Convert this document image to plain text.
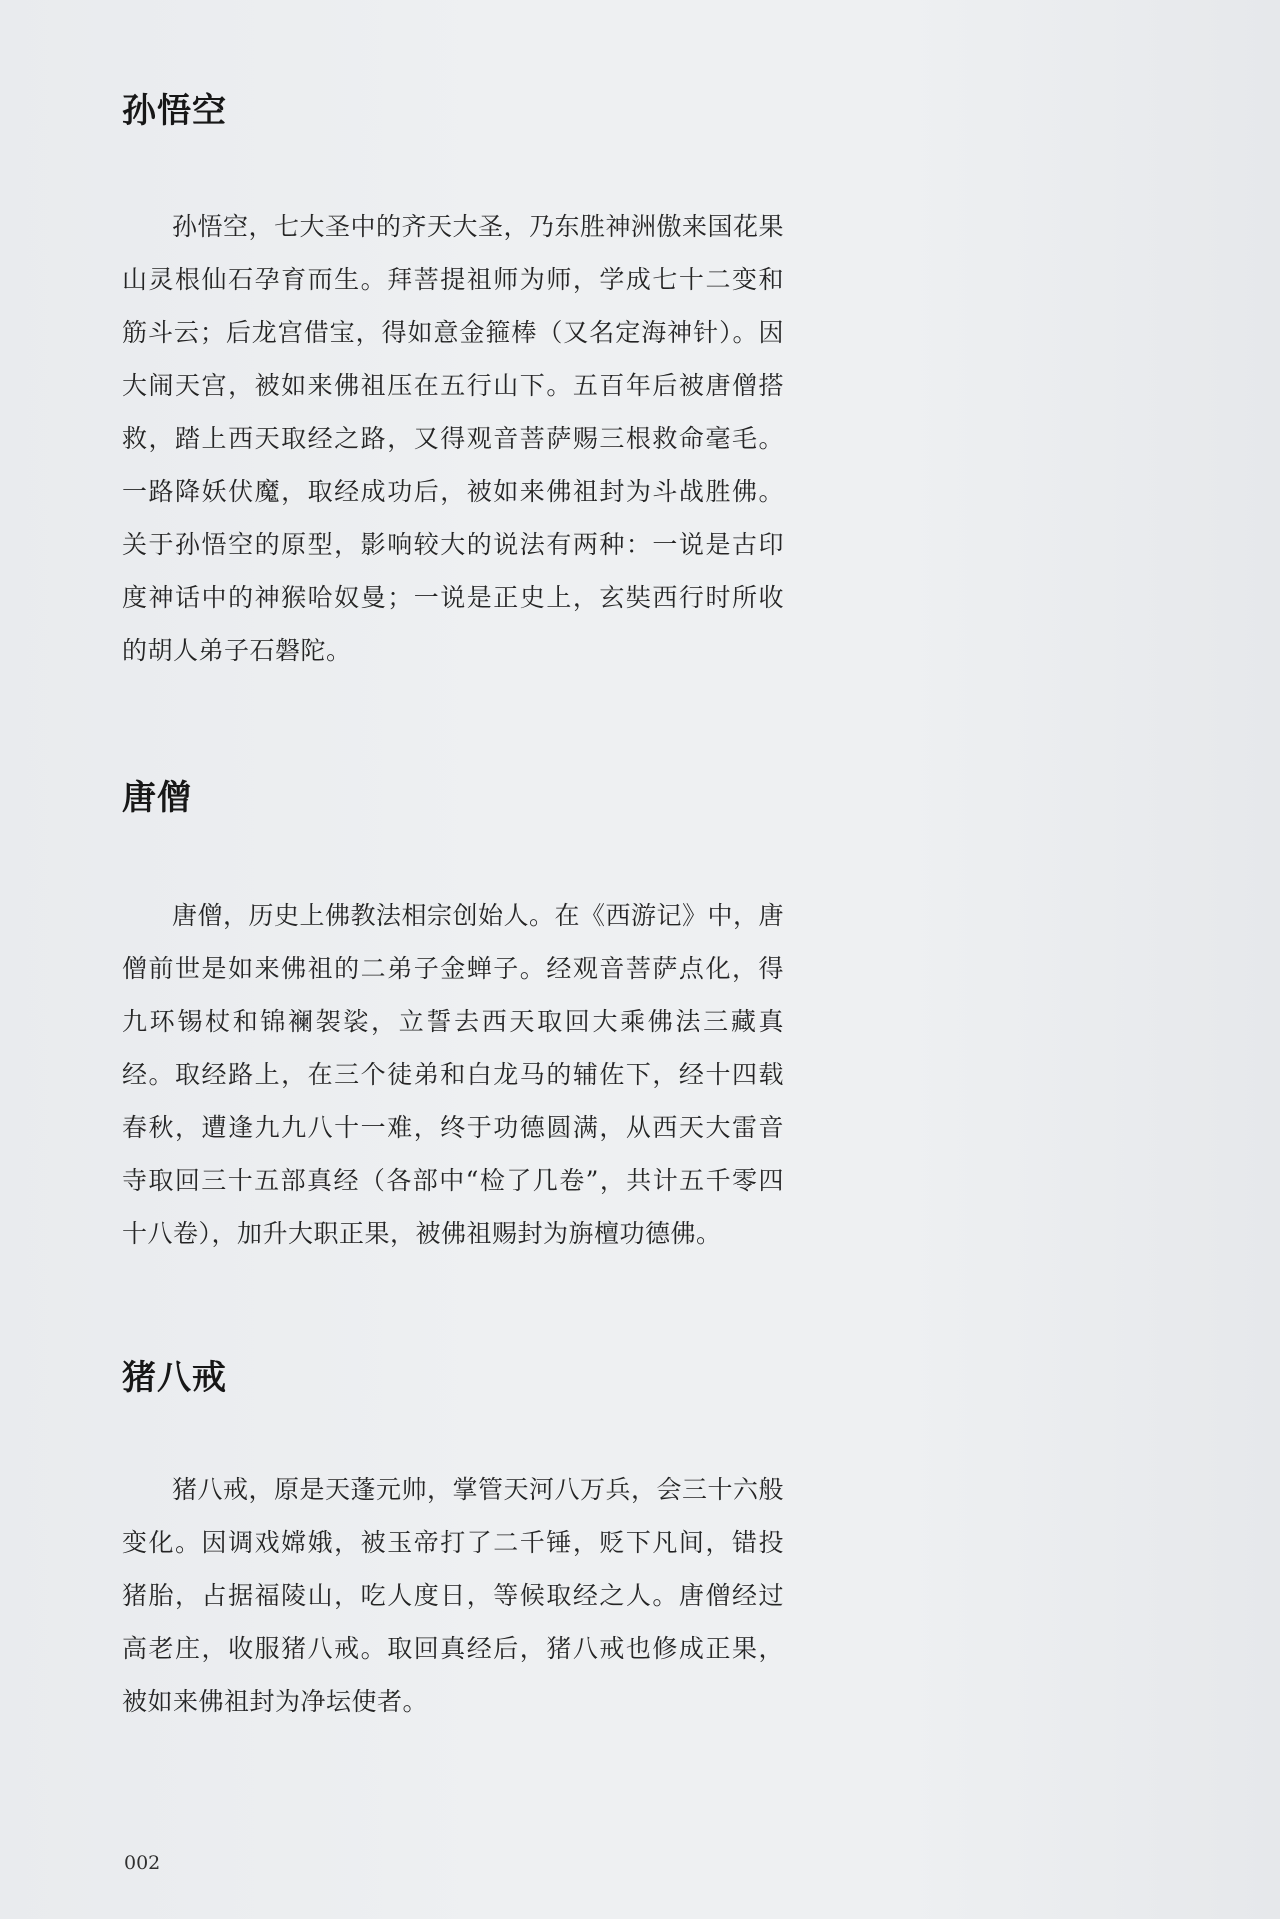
孙悟空

孙悟空，七大圣中的齐天大圣，乃东胜神洲傲来国花果山灵根仙石孕育而生。拜菩提祖师为师，学成七十二变和筋斗云；后龙宫借宝，得如意金箍棒（又名定海神针）。因大闹天宫，被如来佛祖压在五行山下。五百年后被唐僧搭救，踏上西天取经之路，又得观音菩萨赐三根救命毫毛。一路降妖伏魔，取经成功后，被如来佛祖封为斗战胜佛。关于孙悟空的原型，影响较大的说法有两种：一说是古印度神话中的神猴哈奴曼；一说是正史上，玄奘西行时所收的胡人弟子石磐陀。

唐僧

唐僧，历史上佛教法相宗创始人。在《西游记》中，唐僧前世是如来佛祖的二弟子金蝉子。经观音菩萨点化，得九环锡杖和锦襕袈裟，立誓去西天取回大乘佛法三藏真经。取经路上，在三个徒弟和白龙马的辅佐下，经十四载春秋，遭逢九九八十一难，终于功德圆满，从西天大雷音寺取回三十五部真经（各部中“检了几卷”，共计五千零四十八卷），加升大职正果，被佛祖赐封为旃檀功德佛。

猪八戒

猪八戒，原是天蓬元帅，掌管天河八万兵，会三十六般变化。因调戏嫦娥，被玉帝打了二千锤，贬下凡间，错投猪胎，占据福陵山，吃人度日，等候取经之人。唐僧经过高老庄，收服猪八戒。取回真经后，猪八戒也修成正果，被如来佛祖封为净坛使者。

002
